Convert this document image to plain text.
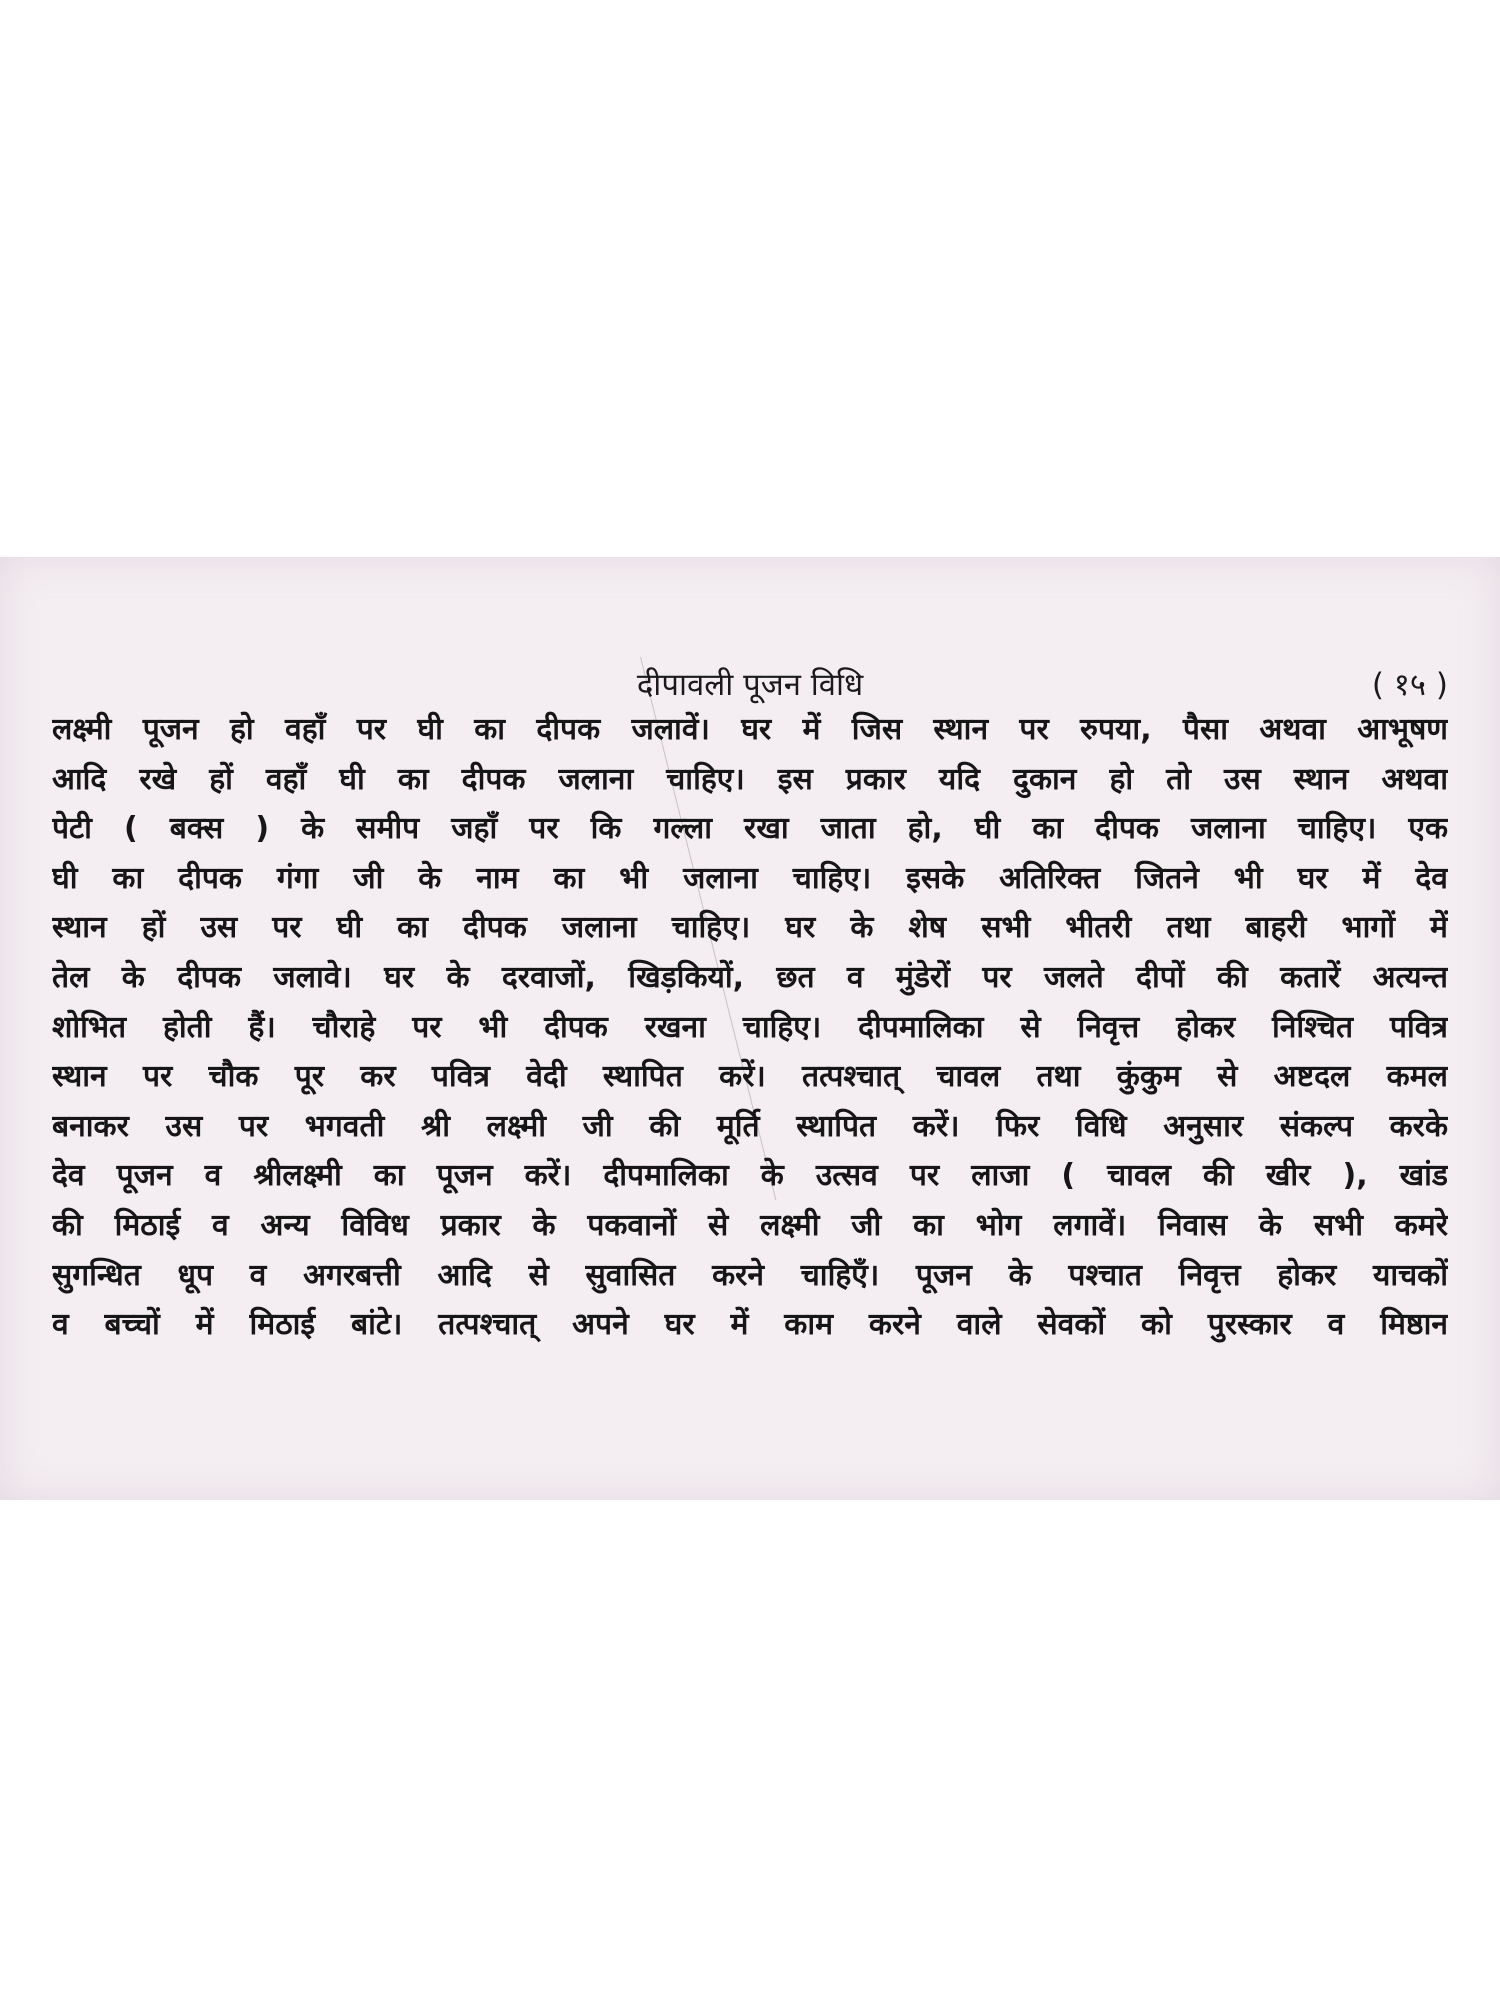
दीपावली पूजन विधि	( १५ )
लक्ष्मी पूजन हो वहाँ पर घी का दीपक जलावें। घर में जिस स्थान पर रुपया, पैसा अथवा आभूषण
आदि रखे हों वहाँ घी का दीपक जलाना चाहिए। इस प्रकार यदि दुकान हो तो उस स्थान अथवा
पेटी ( बक्स ) के समीप जहाँ पर कि गल्ला रखा जाता हो, घी का दीपक जलाना चाहिए। एक
घी का दीपक गंगा जी के नाम का भी जलाना चाहिए। इसके अतिरिक्त जितने भी घर में देव
स्थान हों उस पर घी का दीपक जलाना चाहिए। घर के शेष सभी भीतरी तथा बाहरी भागों में
तेल के दीपक जलावे। घर के दरवाजों, खिड़कियों, छत व मुंडेरों पर जलते दीपों की कतारें अत्यन्त
शोभित होती हैं। चौराहे पर भी दीपक रखना चाहिए। दीपमालिका से निवृत्त होकर निश्चित पवित्र
स्थान पर चौक पूर कर पवित्र वेदी स्थापित करें। तत्पश्चात् चावल तथा कुंकुम से अष्टदल कमल
बनाकर उस पर भगवती श्री लक्ष्मी जी की मूर्ति स्थापित करें। फिर विधि अनुसार संकल्प करके
देव पूजन व श्रीलक्ष्मी का पूजन करें। दीपमालिका के उत्सव पर लाजा ( चावल की खीर ), खांड
की मिठाई व अन्य विविध प्रकार के पकवानों से लक्ष्मी जी का भोग लगावें। निवास के सभी कमरे
सुगन्धित धूप व अगरबत्ती आदि से सुवासित करने चाहिएँ। पूजन के पश्चात निवृत्त होकर याचकों
व बच्चों में मिठाई बांटे। तत्पश्चात् अपने घर में काम करने वाले सेवकों को पुरस्कार व मिष्ठान
